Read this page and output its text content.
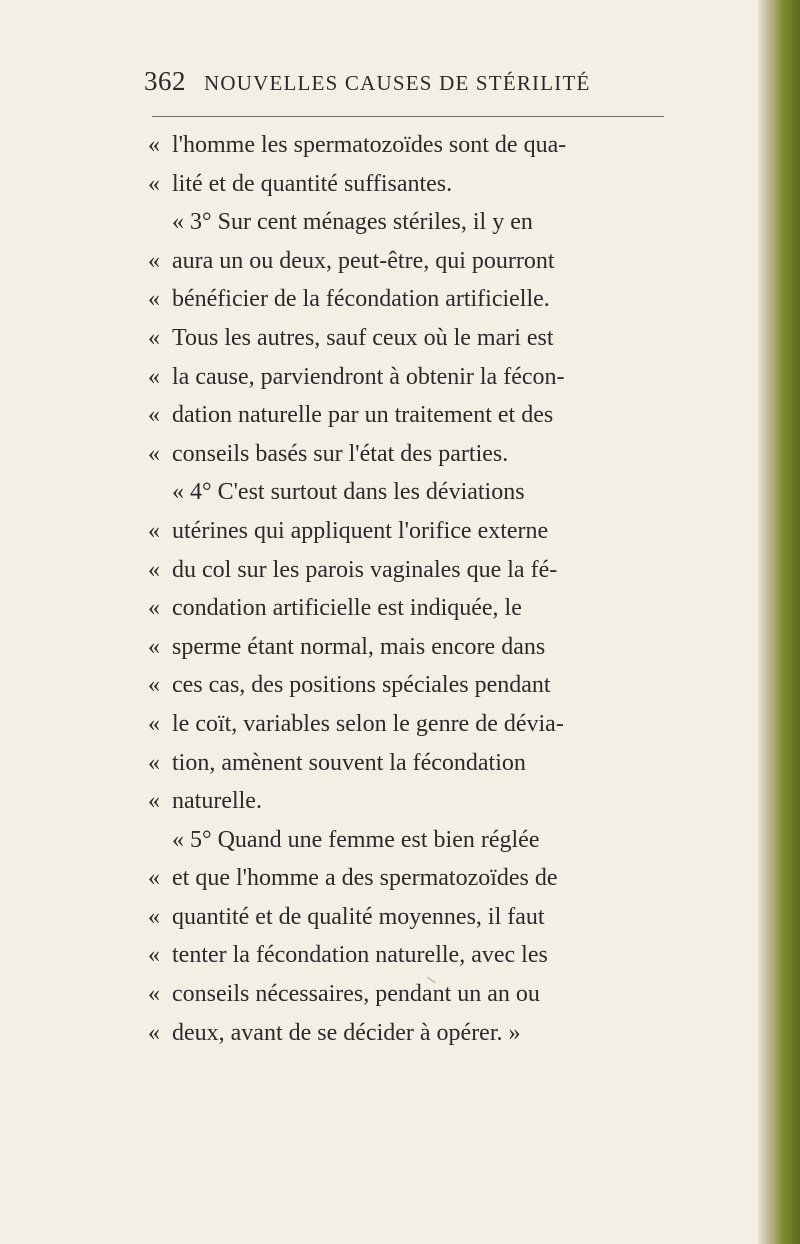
362 NOUVELLES CAUSES DE STÉRILITÉ
« l'homme les spermatozoïdes sont de qua-
« lité et de quantité suffisantes.
« 3° Sur cent ménages stériles, il y en
« aura un ou deux, peut-être, qui pourront
« bénéficier de la fécondation artificielle.
« Tous les autres, sauf ceux où le mari est
« la cause, parviendront à obtenir la fécon-
« dation naturelle par un traitement et des
« conseils basés sur l'état des parties.
« 4° C'est surtout dans les déviations
« utérines qui appliquent l'orifice externe
« du col sur les parois vaginales que la fé-
« condation artificielle est indiquée, le
« sperme étant normal, mais encore dans
« ces cas, des positions spéciales pendant
« le coït, variables selon le genre de dévia-
« tion, amènent souvent la fécondation
« naturelle.
« 5° Quand une femme est bien réglée
« et que l'homme a des spermatozoïdes de
« quantité et de qualité moyennes, il faut
« tenter la fécondation naturelle, avec les
« conseils nécessaires, pendant un an ou
« deux, avant de se décider à opérer. »
